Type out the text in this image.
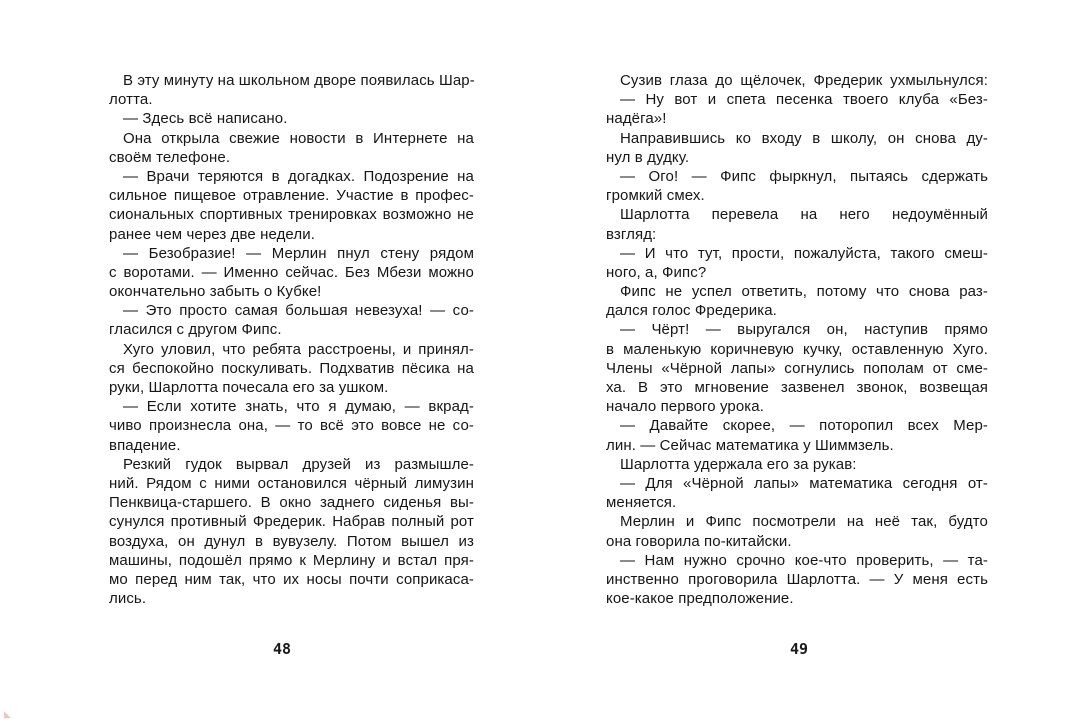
В эту минуту на школьном дворе появилась Шар-
лотта.
— Здесь всё написано.
Она открыла свежие новости в Интернете на
своём телефоне.
— Врачи теряются в догадках. Подозрение на
сильное пищевое отравление. Участие в профес-
сиональных спортивных тренировках возможно не
ранее чем через две недели.
— Безобразие! — Мерлин пнул стену рядом
с воротами. — Именно сейчас. Без Мбези можно
окончательно забыть о Кубке!
— Это просто самая большая невезуха! — со-
гласился с другом Фипс.
Хуго уловил, что ребята расстроены, и принял-
ся беспокойно поскуливать. Подхватив пёсика на
руки, Шарлотта почесала его за ушком.
— Если хотите знать, что я думаю, — вкрад-
чиво произнесла она, — то всё это вовсе не со-
впадение.
Резкий гудок вырвал друзей из размышле-
ний. Рядом с ними остановился чёрный лимузин
Пенквица-старшего. В окно заднего сиденья вы-
сунулся противный Фредерик. Набрав полный рот
воздуха, он дунул в вувузелу. Потом вышел из
машины, подошёл прямо к Мерлину и встал пря-
мо перед ним так, что их носы почти соприкаса-
лись.
Сузив глаза до щёлочек, Фредерик ухмыльнулся:
— Ну вот и спета песенка твоего клуба «Без-
надёга»!
Направившись ко входу в школу, он снова ду-
нул в дудку.
— Ого! — Фипс фыркнул, пытаясь сдержать
громкий смех.
Шарлотта перевела на него недоумённый
взгляд:
— И что тут, прости, пожалуйста, такого смеш-
ного, а, Фипс?
Фипс не успел ответить, потому что снова раз-
дался голос Фредерика.
— Чёрт! — выругался он, наступив прямо
в маленькую коричневую кучку, оставленную Хуго.
Члены «Чёрной лапы» согнулись пополам от сме-
ха. В это мгновение зазвенел звонок, возвещая
начало первого урока.
— Давайте скорее, — поторопил всех Мер-
лин. — Сейчас математика у Шиммзель.
Шарлотта удержала его за рукав:
— Для «Чёрной лапы» математика сегодня от-
меняется.
Мерлин и Фипс посмотрели на неё так, будто
она говорила по-китайски.
— Нам нужно срочно кое-что проверить, — та-
инственно проговорила Шарлотта. — У меня есть
кое-какое предположение.
48	49
◣
